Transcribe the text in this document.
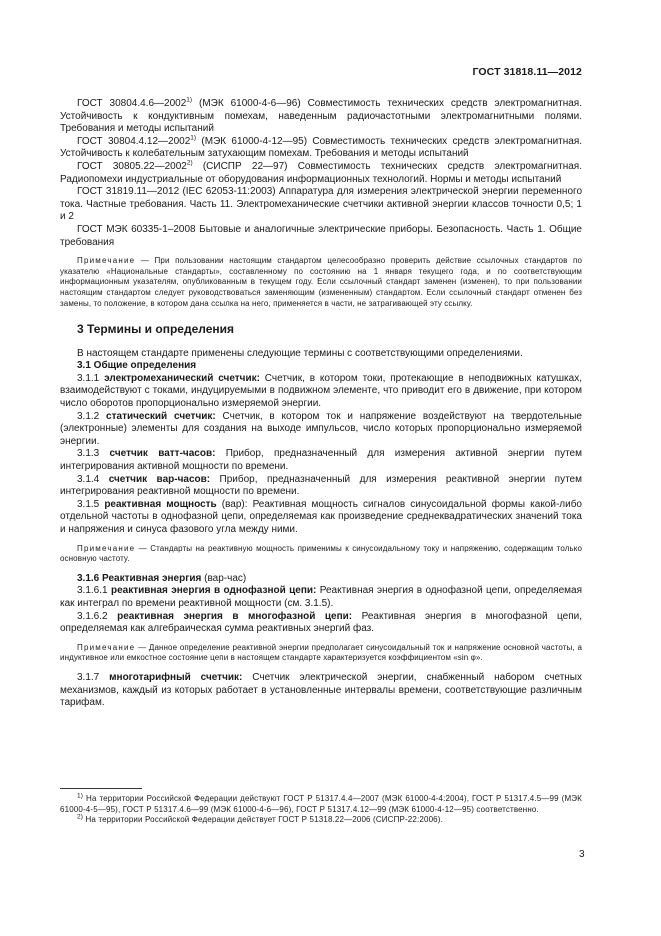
ГОСТ 31818.11—2012

ГОСТ 30804.4.6—2002$^{1)}$ (МЭК 61000-4-6—96) Совместимость технических средств электромагнитная. Устойчивость к кондуктивным помехам, наведенным радиочастотными электромагнитными полями. Требования и методы испытаний

ГОСТ 30804.4.12—2002$^{1)}$ (МЭК 61000-4-12—95) Совместимость технических средств электромагнитная. Устойчивость к колебательным затухающим помехам. Требования и методы испытаний

ГОСТ 30805.22—2002$^{2)}$ (СИСПР 22—97) Совместимость технических средств электромагнитная. Радиопомехи индустриальные от оборудования информационных технологий. Нормы и методы испытаний

ГОСТ 31819.11—2012 (IEC 62053-11:2003) Аппаратура для измерения электрической энергии переменного тока. Частные требования. Часть 11. Электромеханические счетчики активной энергии классов точности 0,5; 1 и 2

ГОСТ МЭК 60335-1–2008 Бытовые и аналогичные электрические приборы. Безопасность. Часть 1. Общие требования

Примечание — При пользовании настоящим стандартом целесообразно проверить действие ссылочных стандартов по указателю «Национальные стандарты», составленному по состоянию на 1 января текущего года, и по соответствующим информационным указателям, опубликованным в текущем году. Если ссылочный стандарт заменен (изменен), то при пользовании настоящим стандартом следует руководствоваться заменяющим (измененным) стандартом. Если ссылочный стандарт отменен без замены, то положение, в котором дана ссылка на него, применяется в части, не затрагивающей эту ссылку.

3 Термины и определения

В настоящем стандарте применены следующие термины с соответствующими определениями.

3.1 Общие определения

3.1.1 электромеханический счетчик: Счетчик, в котором токи, протекающие в неподвижных катушках, взаимодействуют с токами, индуцируемыми в подвижном элементе, что приводит его в движение, при котором число оборотов пропорционально измеряемой энергии.

3.1.2 статический счетчик: Счетчик, в котором ток и напряжение воздействуют на твердотельные (электронные) элементы для создания на выходе импульсов, число которых пропорционально измеряемой энергии.

3.1.3 счетчик ватт-часов: Прибор, предназначенный для измерения активной энергии путем интегрирования активной мощности по времени.

3.1.4 счетчик вар-часов: Прибор, предназначенный для измерения реактивной энергии путем интегрирования реактивной мощности по времени.

3.1.5 реактивная мощность (вар): Реактивная мощность сигналов синусоидальной формы какой-либо отдельной частоты в однофазной цепи, определяемая как произведение среднеквадратических значений тока и напряжения и синуса фазового угла между ними.

Примечание — Стандарты на реактивную мощность применимы к синусоидальному току и напряжению, содержащим только основную частоту.

3.1.6 Реактивная энергия (вар-час)

3.1.6.1 реактивная энергия в однофазной цепи: Реактивная энергия в однофазной цепи, определяемая как интеграл по времени реактивной мощности (см. 3.1.5).

3.1.6.2 реактивная энергия в многофазной цепи: Реактивная энергия в многофазной цепи, определяемая как алгебраическая сумма реактивных энергий фаз.

Примечание — Данное определение реактивной энергии предполагает синусоидальный ток и напряжение основной частоты, а индуктивное или емкостное состояние цепи в настоящем стандарте характеризуется коэффициентом «sin φ».

3.1.7 многотарифный счетчик: Счетчик электрической энергии, снабженный набором счетных механизмов, каждый из которых работает в установленные интервалы времени, соответствующие различным тарифам.

$^{1)}$ На территории Российской Федерации действуют ГОСТ Р 51317.4.4—2007 (МЭК 61000-4-4:2004), ГОСТ Р 51317.4.5—99 (МЭК 61000-4-5—95), ГОСТ Р 51317.4.6—99 (МЭК 61000-4-6—96), ГОСТ Р 51317.4.12—99 (МЭК 61000-4-12—95) соответственно.

$^{2)}$ На территории Российской Федерации действует ГОСТ Р 51318.22—2006 (СИСПР-22:2006).

3
